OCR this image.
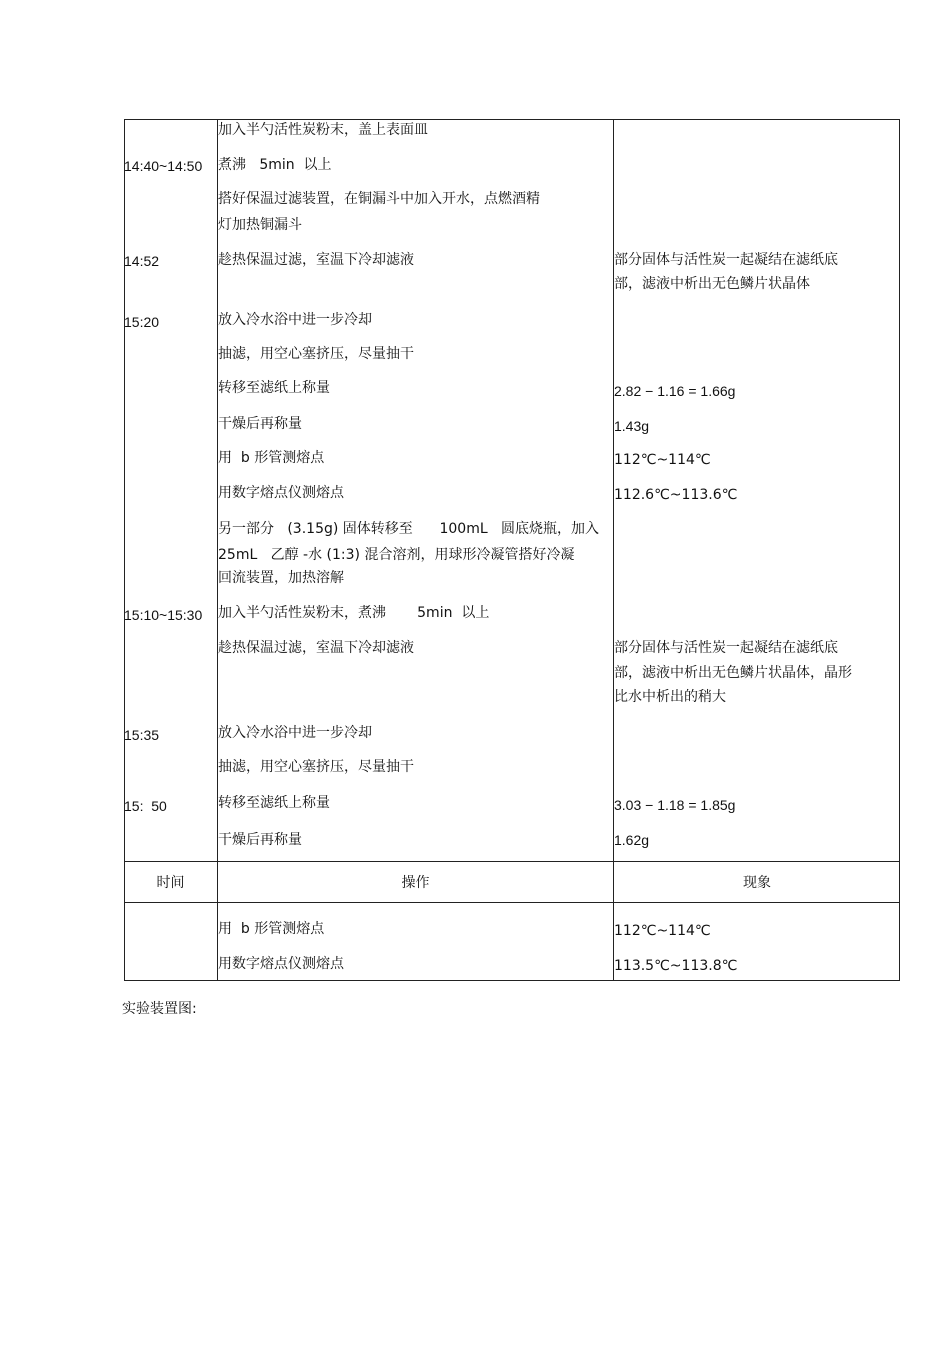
14:40~14:50
14:52
15:20
15:10~15:30
15:35
15:  50
加入半勺活性炭粉末，盖上表面皿
煮沸   5min  以上
搭好保温过滤装置，在铜漏斗中加入开水，点燃酒精
灯加热铜漏斗
趁热保温过滤，室温下冷却滤液
放入冷水浴中进一步冷却
抽滤，用空心塞挤压，尽量抽干
转移至滤纸上称量
干燥后再称量
用  b 形管测熔点
用数字熔点仪测熔点
另一部分   (3.15g) 固体转移至      100mL   圆底烧瓶，加入
25mL   乙醇 -水 (1:3) 混合溶剂，用球形冷凝管搭好冷凝
回流装置，加热溶解
加入半勺活性炭粉末，煮沸       5min  以上
趁热保温过滤，室温下冷却滤液
放入冷水浴中进一步冷却
抽滤，用空心塞挤压，尽量抽干
转移至滤纸上称量
干燥后再称量
用  b 形管测熔点
用数字熔点仪测熔点
部分固体与活性炭一起凝结在滤纸底
部，滤液中析出无色鳞片状晶体
2.82 − 1.16 = 1.66g
1.43g
112℃~114℃
112.6℃~113.6℃
部分固体与活性炭一起凝结在滤纸底
部，滤液中析出无色鳞片状晶体，晶形
比水中析出的稍大
3.03 − 1.18 = 1.85g
1.62g
112℃~114℃
113.5℃~113.8℃
时间	操作	现象
实验装置图:
